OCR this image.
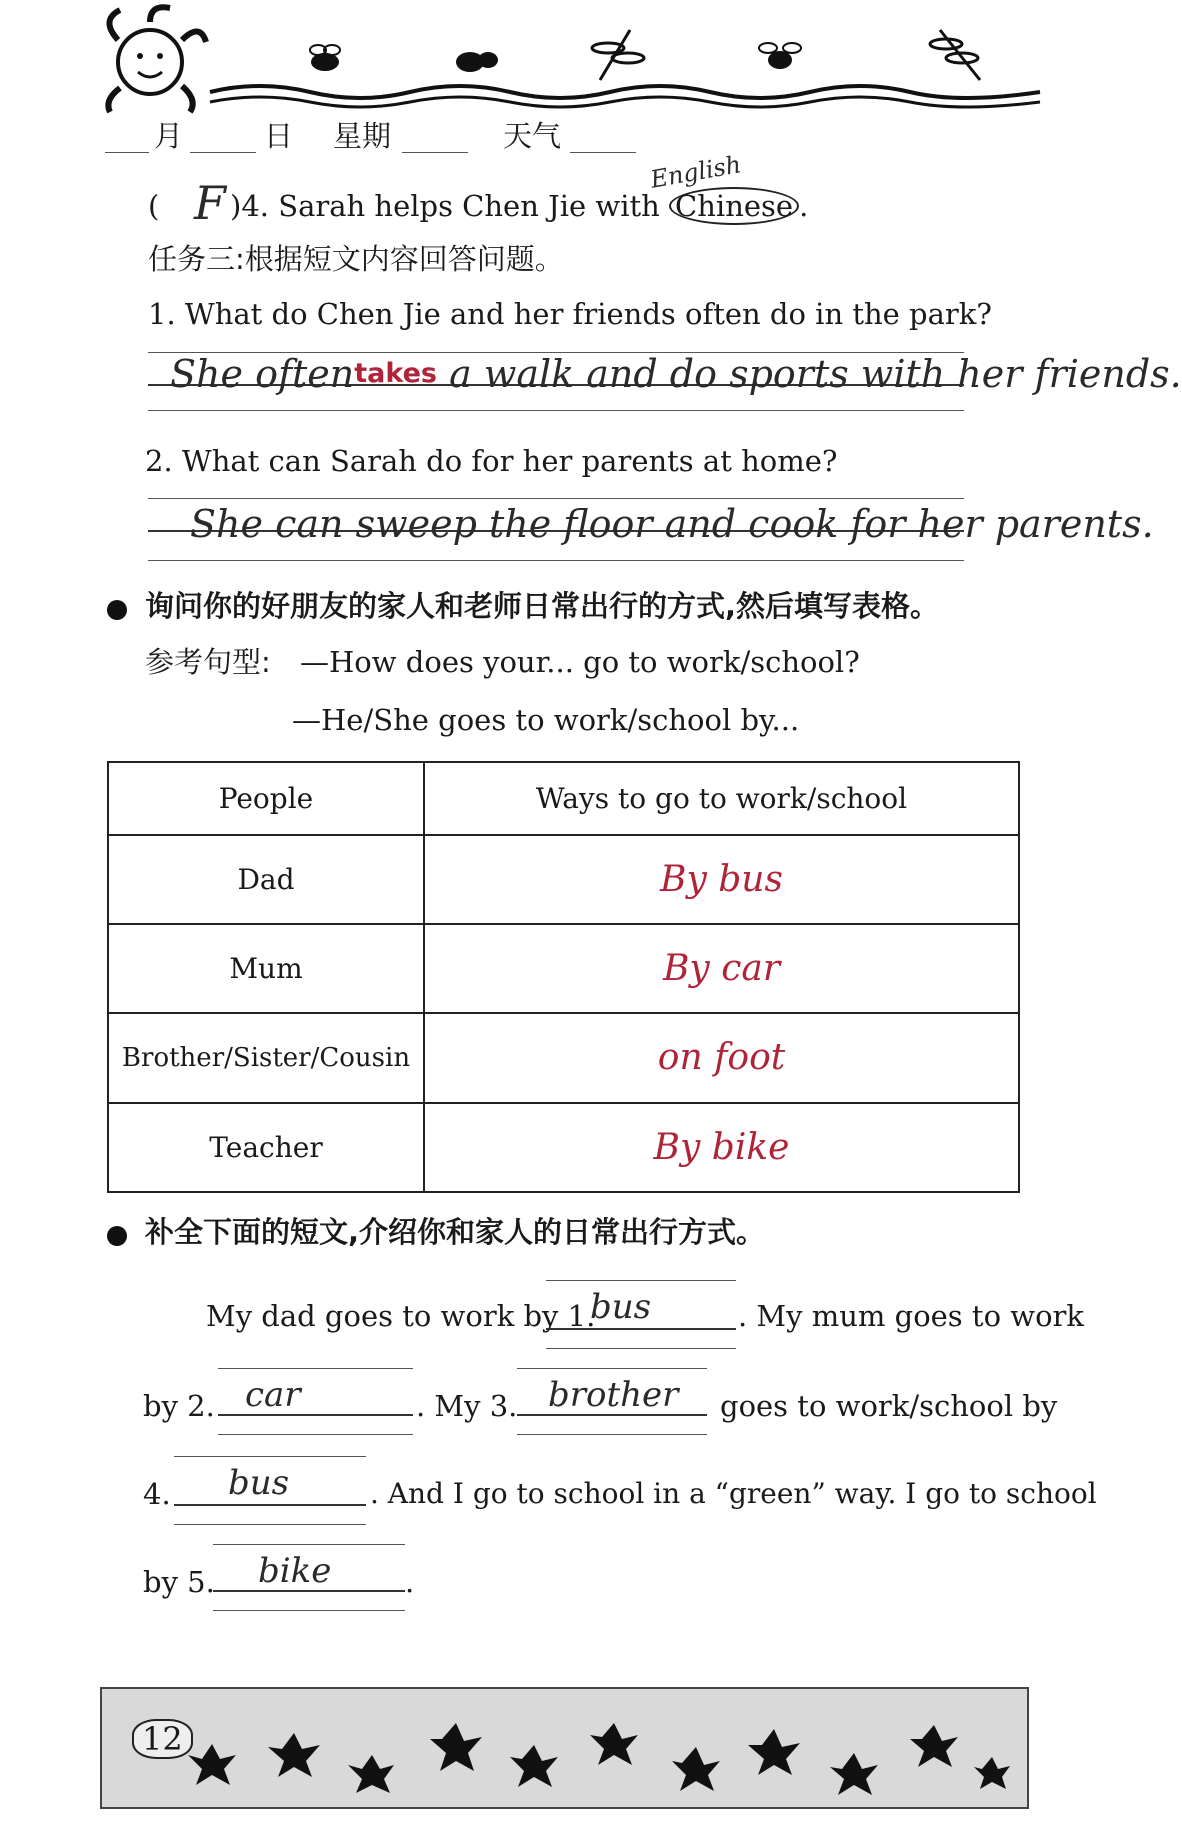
月	日 星期	天气
( F )4. Sarah helps Chen Jie with Chinese .
English
任务三:根据短文内容回答问题。
1. What do Chen Jie and her friends often do in the park?
She oftentakes a walk and do sports with her friends.
2. What can Sarah do for her parents at home?
She can sweep the floor and cook for her parents.
询问你的好朋友的家人和老师日常出行的方式,然后填写表格。
参考句型: —How does your... go to work/school?
—He/She goes to work/school by...
People	Ways to go to work/school
Dad	By bus
Mum	By car
Brother/Sister/Cousin	on foot
Teacher	By bike
补全下面的短文,介绍你和家人的日常出行方式。
My dad goes to work by 1.
bus	. My mum goes to work
by 2. car	. My 3. brother goes to work/school by
4. bus	. And I go to school in a “green” way. I go to school
by 5. bike	.
12
